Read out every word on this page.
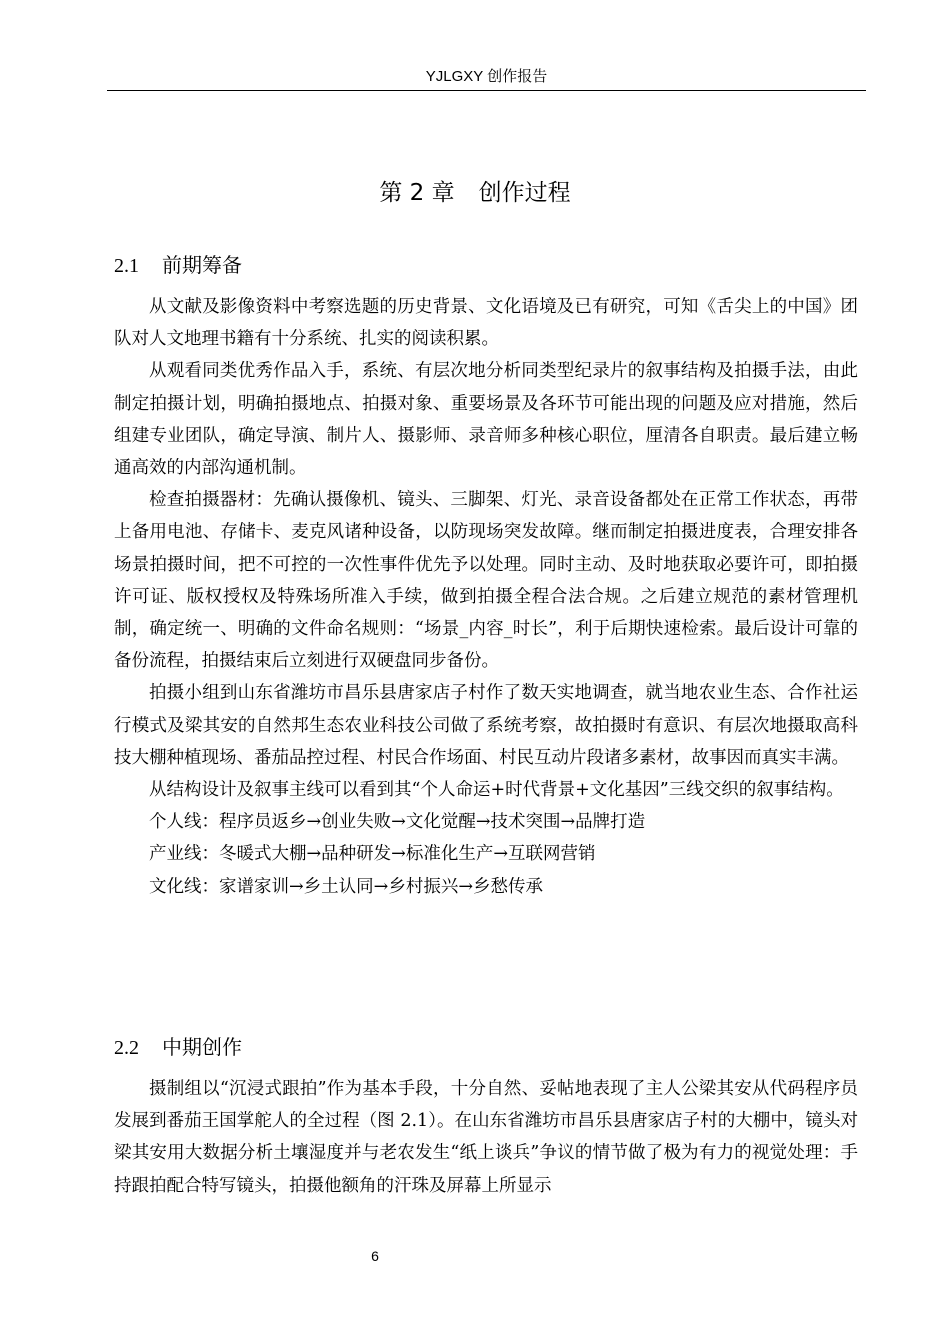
YJLGXY 创作报告
第 2 章 创作过程
2.1 前期筹备

从文献及影像资料中考察选题的历史背景、文化语境及已有研究，可知《舌尖上的中国》团队对人文地理书籍有十分系统、扎实的阅读积累。

从观看同类优秀作品入手，系统、有层次地分析同类型纪录片的叙事结构及拍摄手法，由此制定拍摄计划，明确拍摄地点、拍摄对象、重要场景及各环节可能出现的问题及应对措施，然后组建专业团队，确定导演、制片人、摄影师、录音师多种核心职位，厘清各自职责。最后建立畅通高效的内部沟通机制。

检查拍摄器材：先确认摄像机、镜头、三脚架、灯光、录音设备都处在正常工作状态，再带上备用电池、存储卡、麦克风诸种设备，以防现场突发故障。继而制定拍摄进度表，合理安排各场景拍摄时间，把不可控的一次性事件优先予以处理。同时主动、及时地获取必要许可，即拍摄许可证、版权授权及特殊场所准入手续，做到拍摄全程合法合规。之后建立规范的素材管理机制，确定统一、明确的文件命名规则：“场景_内容_时长”，利于后期快速检索。最后设计可靠的备份流程，拍摄结束后立刻进行双硬盘同步备份。

拍摄小组到山东省潍坊市昌乐县唐家店子村作了数天实地调查，就当地农业生态、合作社运行模式及梁其安的自然邦生态农业科技公司做了系统考察，故拍摄时有意识、有层次地摄取高科技大棚种植现场、番茄品控过程、村民合作场面、村民互动片段诸多素材，故事因而真实丰满。

从结构设计及叙事主线可以看到其“个人命运+时代背景+文化基因”三线交织的叙事结构。

个人线：程序员返乡→创业失败→文化觉醒→技术突围→品牌打造

产业线：冬暖式大棚→品种研发→标准化生产→互联网营销

文化线：家谱家训→乡土认同→乡村振兴→乡愁传承

2.2 中期创作

摄制组以“沉浸式跟拍”作为基本手段，十分自然、妥帖地表现了主人公梁其安从代码程序员发展到番茄王国掌舵人的全过程（图 2.1）。在山东省潍坊市昌乐县唐家店子村的大棚中，镜头对梁其安用大数据分析土壤湿度并与老农发生“纸上谈兵”争议的情节做了极为有力的视觉处理：手持跟拍配合特写镜头，拍摄他额角的汗珠及屏幕上所显示

6
